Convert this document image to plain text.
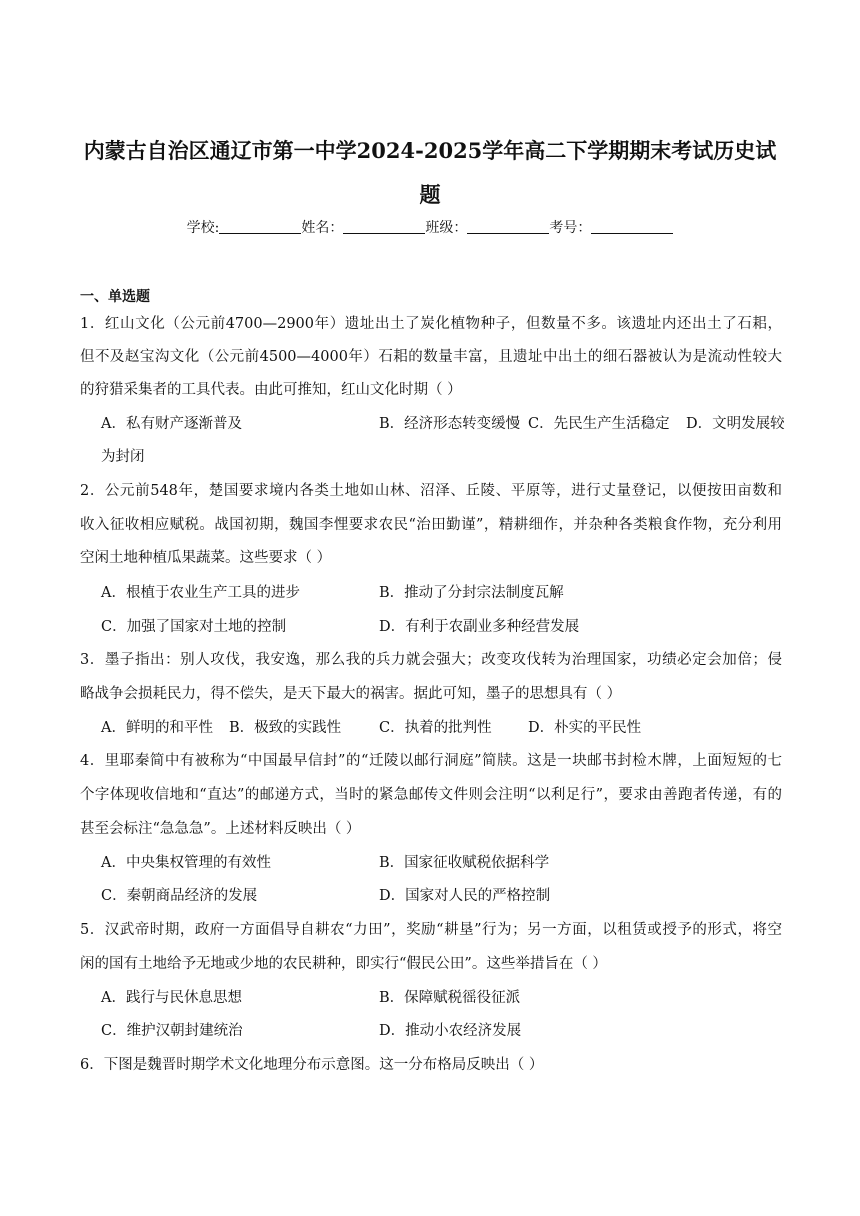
内蒙古自治区通辽市第一中学2024-2025学年高二下学期期末考试历史试
题
学校:	姓名：	班级：	考号：
一、单选题
1．红山文化（公元前4700—2900年）遗址出土了炭化植物种子，但数量不多。该遗址内还出土了石耜，
但不及赵宝沟文化（公元前4500—4000年）石耜的数量丰富，且遗址中出土的细石器被认为是流动性较大
的狩猎采集者的工具代表。由此可推知，红山文化时期（ ）
A．私有财产逐渐普及	B．经济形态转变缓慢 C．先民生产生活稳定 D．文明发展较
为封闭
2．公元前548年，楚国要求境内各类土地如山林、沼泽、丘陵、平原等，进行丈量登记，以便按田亩数和
收入征收相应赋税。战国初期，魏国李悝要求农民“治田勤谨”，精耕细作，并杂种各类粮食作物，充分利用
空闲土地种植瓜果蔬菜。这些要求（ ）
A．根植于农业生产工具的进步	B．推动了分封宗法制度瓦解
C．加强了国家对土地的控制	D．有利于农副业多种经营发展
3．墨子指出：别人攻伐，我安逸，那么我的兵力就会强大；改变攻伐转为治理国家，功绩必定会加倍；侵
略战争会损耗民力，得不偿失，是天下最大的祸害。据此可知，墨子的思想具有（ ）
A．鲜明的和平性 B．极致的实践性	C．执着的批判性	D．朴实的平民性
4．里耶秦简中有被称为“中国最早信封”的“迁陵以邮行洞庭”简牍。这是一块邮书封检木牌，上面短短的七
个字体现收信地和“直达”的邮递方式，当时的紧急邮传文件则会注明“以利足行”，要求由善跑者传递，有的
甚至会标注“急急急”。上述材料反映出（ ）
A．中央集权管理的有效性	B．国家征收赋税依据科学
C．秦朝商品经济的发展	D．国家对人民的严格控制
5．汉武帝时期，政府一方面倡导自耕农“力田”，奖励“耕垦”行为；另一方面，以租赁或授予的形式，将空
闲的国有土地给予无地或少地的农民耕种，即实行“假民公田”。这些举措旨在（ ）
A．践行与民休息思想	B．保障赋税徭役征派
C．维护汉朝封建统治	D．推动小农经济发展
6．下图是魏晋时期学术文化地理分布示意图。这一分布格局反映出（ ）
